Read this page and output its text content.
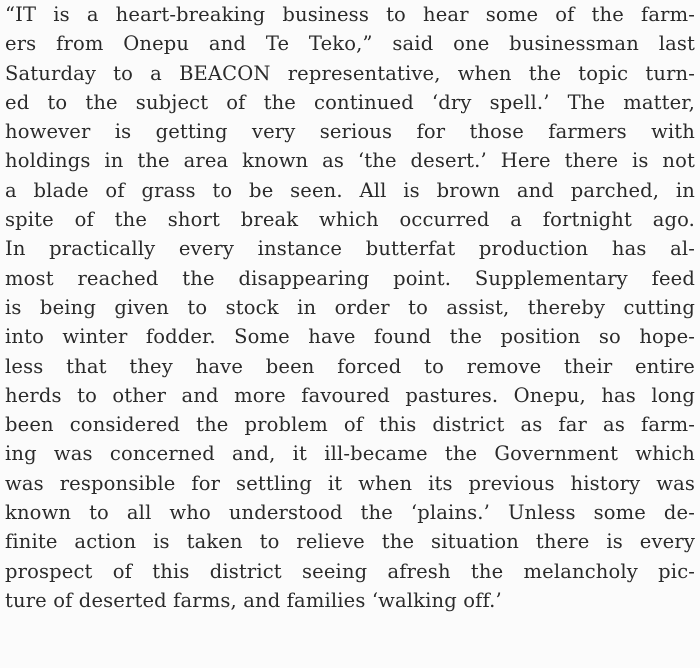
“IT is a heart-breaking business to hear some of the farm-
ers from Onepu and Te Teko,” said one businessman last
Saturday to a BEACON representative, when the topic turn-
ed to the subject of the continued ‘dry spell.’ The matter,
however is getting very serious for those farmers with
holdings in the area known as ‘the desert.’ Here there is not
a blade of grass to be seen. All is brown and parched, in
spite of the short break which occurred a fortnight ago.
In practically every instance butterfat production has al-
most reached the disappearing point. Supplementary feed
is being given to stock in order to assist, thereby cutting
into winter fodder. Some have found the position so hope-
less that they have been forced to remove their entire
herds to other and more favoured pastures. Onepu, has long
been considered the problem of this district as far as farm-
ing was concerned and, it ill-became the Government which
was responsible for settling it when its previous history was
known to all who understood the ‘plains.’ Unless some de-
finite action is taken to relieve the situation there is every
prospect of this district seeing afresh the melancholy pic-
ture of deserted farms, and families ‘walking off.’
